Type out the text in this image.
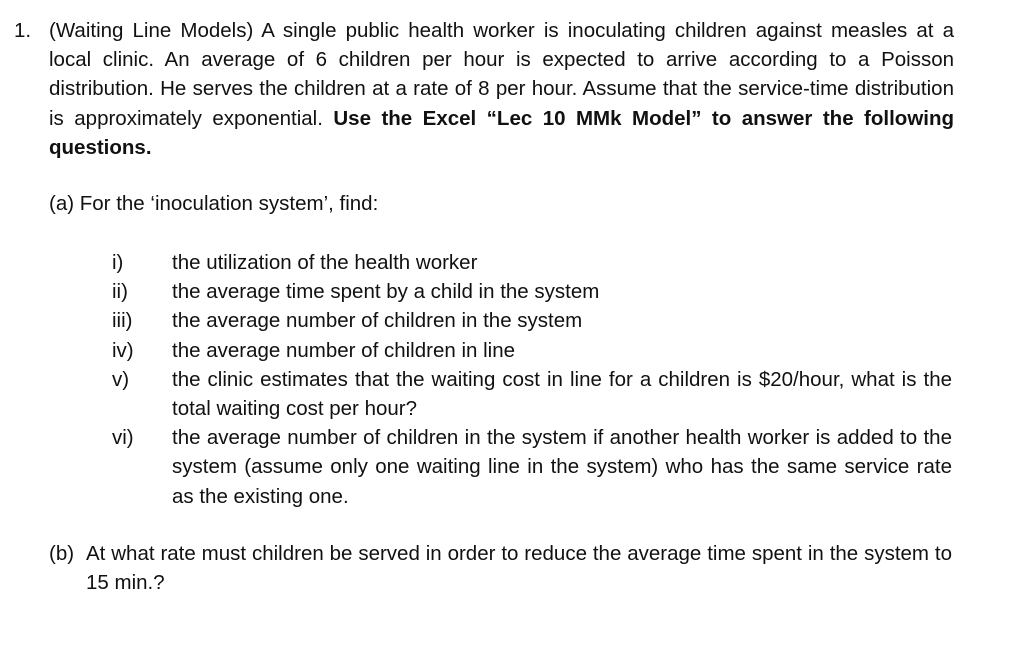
1. (Waiting Line Models) A single public health worker is inoculating children against measles at a local clinic. An average of 6 children per hour is expected to arrive according to a Poisson distribution. He serves the children at a rate of 8 per hour. Assume that the service-time distribution is approximately exponential. Use the Excel “Lec 10 MMk Model” to answer the following questions.
(a) For the ‘inoculation system’, find:
i)	the utilization of the health worker
ii)	the average time spent by a child in the system
iii)	the average number of children in the system
iv)	the average number of children in line
v)	the clinic estimates that the waiting cost in line for a children is $20/hour, what is the total waiting cost per hour?
vi)	the average number of children in the system if another health worker is added to the system (assume only one waiting line in the system) who has the same service rate as the existing one.
(b) At what rate must children be served in order to reduce the average time spent in the system to 15 min.?
